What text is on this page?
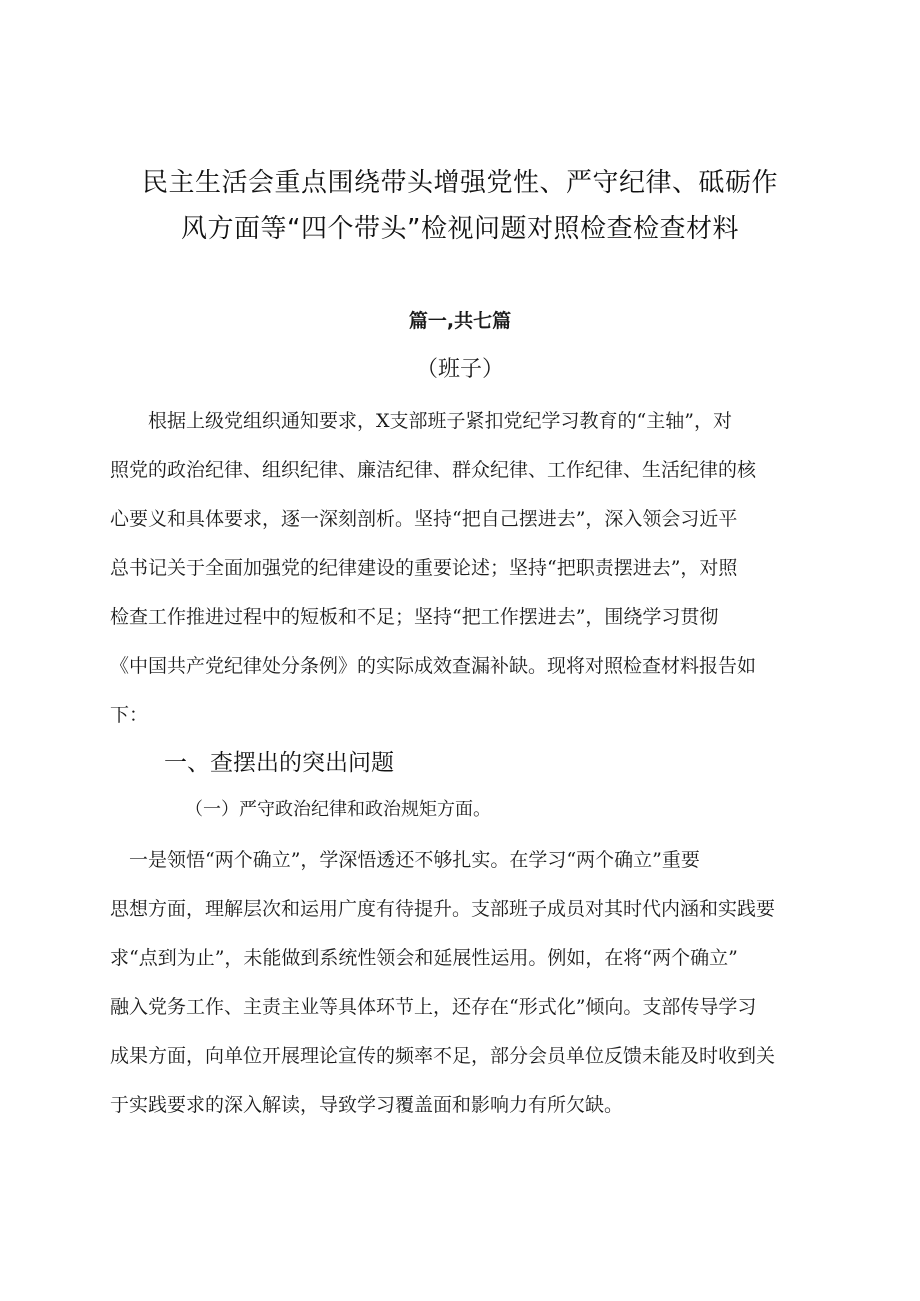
民主生活会重点围绕带头增强党性、严守纪律、砥砺作
风方面等“四个带头”检视问题对照检查检查材料

篇一,共七篇

（班子）

　　根据上级党组织通知要求，X支部班子紧扣党纪学习教育的“主轴”，对
照党的政治纪律、组织纪律、廉洁纪律、群众纪律、工作纪律、生活纪律的核
心要义和具体要求，逐一深刻剖析。坚持“把自己摆进去”，深入领会习近平
总书记关于全面加强党的纪律建设的重要论述；坚持“把职责摆进去”，对照
检查工作推进过程中的短板和不足；坚持“把工作摆进去”，围绕学习贯彻
《中国共产党纪律处分条例》的实际成效查漏补缺。现将对照检查材料报告如
下：
一、查摆出的突出问题

（一）严守政治纪律和政治规矩方面。

　一是领悟“两个确立”，学深悟透还不够扎实。在学习“两个确立”重要
思想方面，理解层次和运用广度有待提升。支部班子成员对其时代内涵和实践要
求“点到为止”，未能做到系统性领会和延展性运用。例如，在将“两个确立”
融入党务工作、主责主业等具体环节上，还存在“形式化”倾向。支部传导学习
成果方面，向单位开展理论宣传的频率不足，部分会员单位反馈未能及时收到关
于实践要求的深入解读，导致学习覆盖面和影响力有所欠缺。
